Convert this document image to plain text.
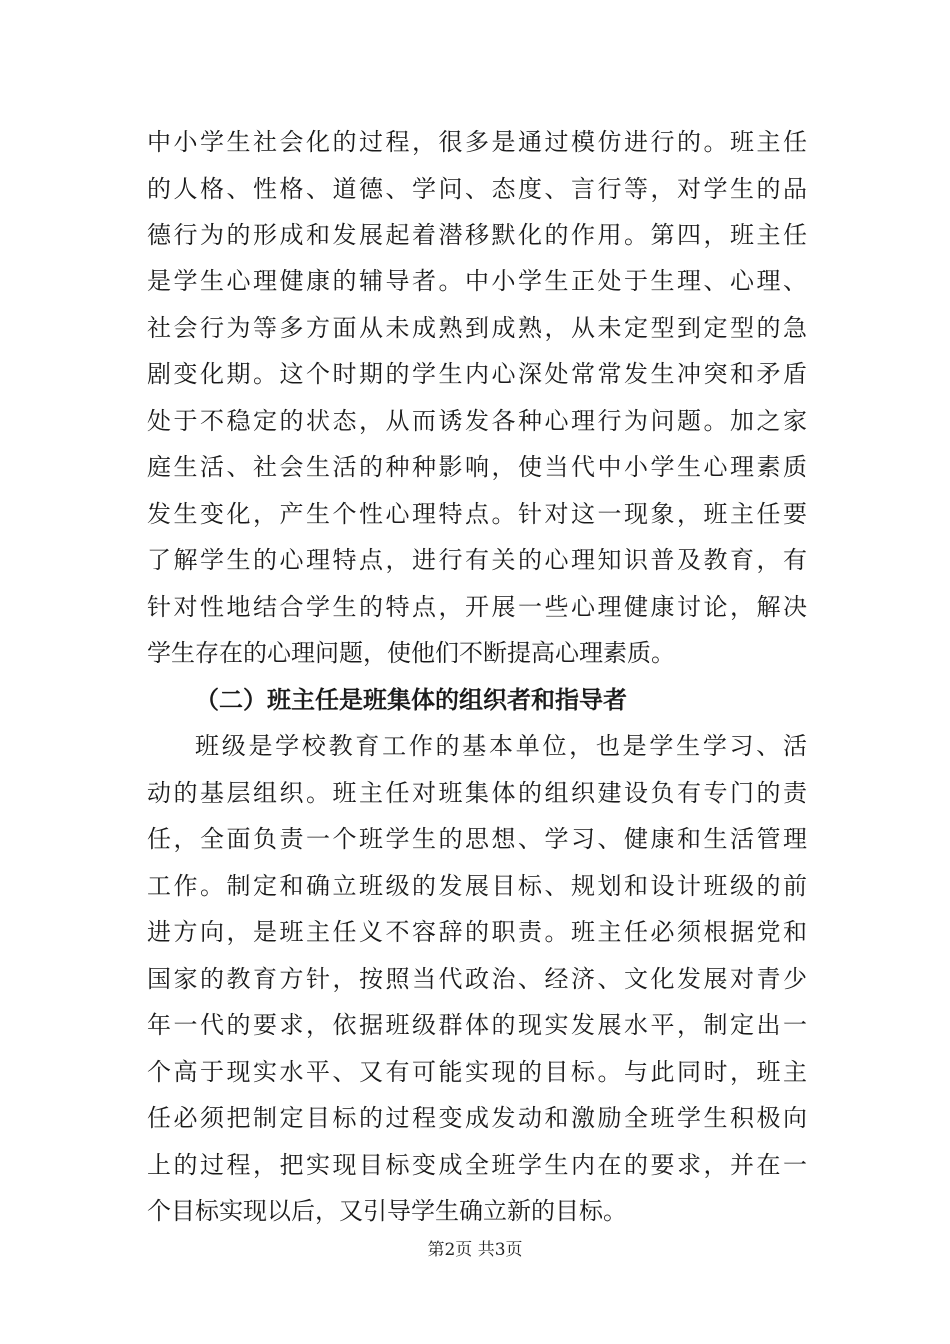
中小学生社会化的过程，很多是通过模仿进行的。班主任
的人格、性格、道德、学问、态度、言行等，对学生的品
德行为的形成和发展起着潜移默化的作用。第四，班主任
是学生心理健康的辅导者。中小学生正处于生理、心理、
社会行为等多方面从未成熟到成熟，从未定型到定型的急
剧变化期。这个时期的学生内心深处常常发生冲突和矛盾
处于不稳定的状态，从而诱发各种心理行为问题。加之家
庭生活、社会生活的种种影响，使当代中小学生心理素质
发生变化，产生个性心理特点。针对这一现象，班主任要
了解学生的心理特点，进行有关的心理知识普及教育，有
针对性地结合学生的特点，开展一些心理健康讨论，解决
学生存在的心理问题，使他们不断提高心理素质。
（二）班主任是班集体的组织者和指导者
班级是学校教育工作的基本单位，也是学生学习、活
动的基层组织。班主任对班集体的组织建设负有专门的责
任，全面负责一个班学生的思想、学习、健康和生活管理
工作。制定和确立班级的发展目标、规划和设计班级的前
进方向，是班主任义不容辞的职责。班主任必须根据党和
国家的教育方针，按照当代政治、经济、文化发展对青少
年一代的要求，依据班级群体的现实发展水平，制定出一
个高于现实水平、又有可能实现的目标。与此同时，班主
任必须把制定目标的过程变成发动和激励全班学生积极向
上的过程，把实现目标变成全班学生内在的要求，并在一
个目标实现以后，又引导学生确立新的目标。
第2页 共3页
